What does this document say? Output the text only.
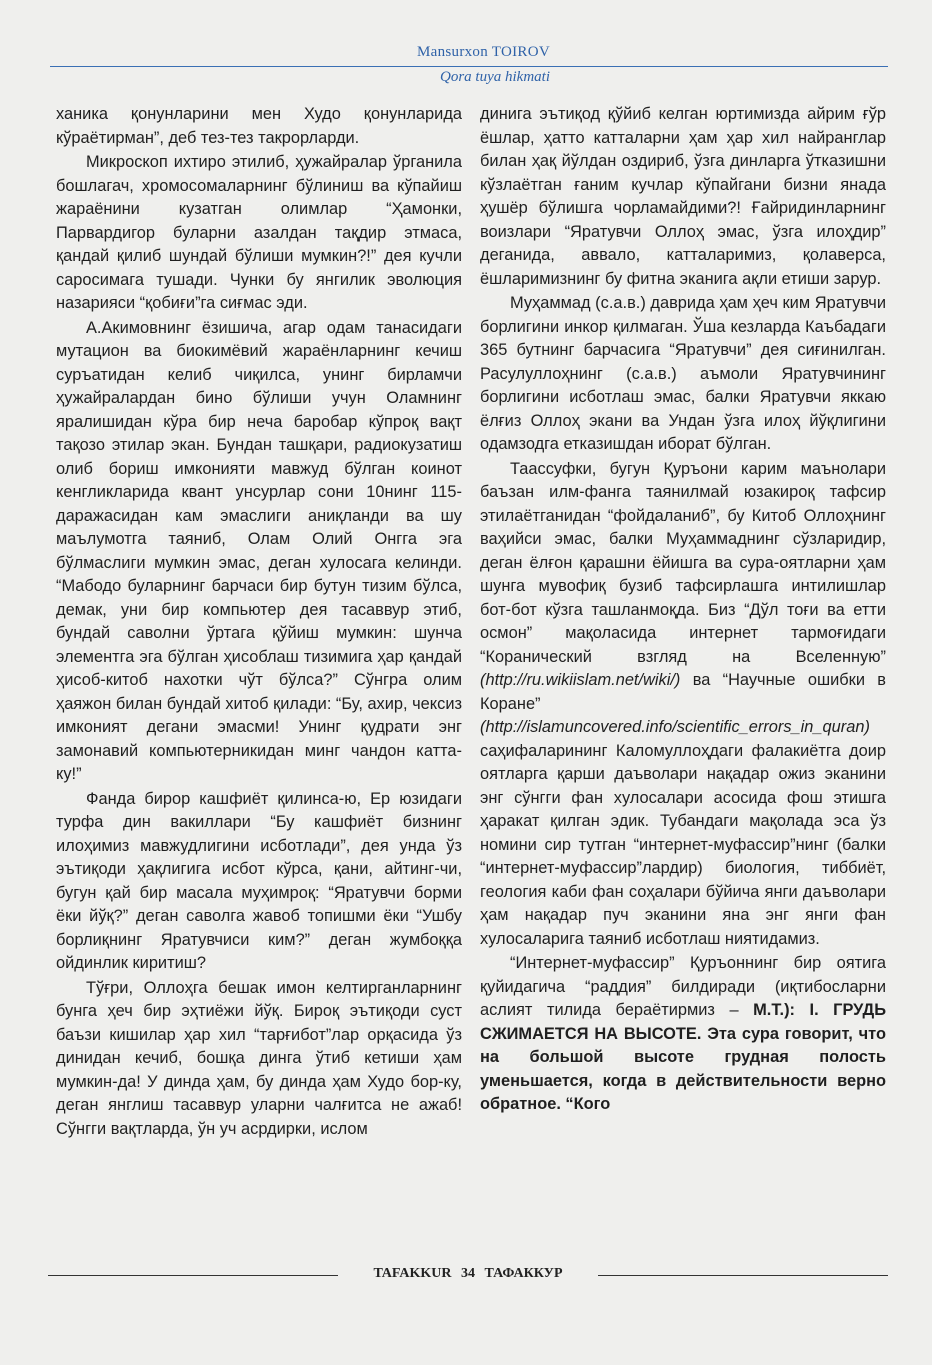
Mansurxon TOIROV
Qora tuya hikmati

ханика қонунларини мен Худо қонунларида кўраётирман”, деб тез-тез такрорларди.

Микроскоп ихтиро этилиб, ҳужайралар ўрганила бошлагач, хромосомаларнинг бўлиниш ва кўпайиш жараёнини кузатган олимлар “Ҳамонки, Парвардигор буларни азалдан тақдир этмаса, қандай қилиб шундай бўлиши мумкин?!” дея кучли саросимага тушади. Чунки бу янгилик эволюция назарияси “қобиғи”га сиғмас эди.

А.Акимовнинг ёзишича, агар одам танасидаги мутацион ва биокимёвий жараёнларнинг кечиш суръатидан келиб чиқилса, унинг бирламчи ҳужайралардан бино бўлиши учун Оламнинг яралишидан кўра бир неча баробар кўпроқ вақт тақозо этилар экан. Бундан ташқари, радиокузатиш олиб бориш имконияти мавжуд бўлган коинот кенгликларида квант унсурлар сони 10нинг 115-даражасидан кам эмаслиги аниқланди ва шу маълумотга таяниб, Олам Олий Онгга эга бўлмаслиги мумкин эмас, деган хулосага келинди. “Мабодо буларнинг барчаси бир бутун тизим бўлса, демак, уни бир компьютер дея тасаввур этиб, бундай саволни ўртага қўйиш мумкин: шунча элементга эга бўлган ҳисоблаш тизимига ҳар қандай ҳисоб-китоб нахотки чўт бўлса?” Сўнгра олим ҳаяжон билан бундай хитоб қилади: “Бу, ахир, чексиз имконият дегани эмасми! Унинг қудрати энг замонавий компьютерникидан минг чандон катта-ку!”

Фанда бирор кашфиёт қилинса-ю, Ер юзидаги турфа дин вакиллари “Бу кашфиёт бизнинг илоҳимиз мавжудлигини исботлади”, дея унда ўз эътиқоди ҳақлигига исбот кўрса, қани, айтинг-чи, бугун қай бир масала муҳимроқ: “Яратувчи борми ёки йўқ?” деган саволга жавоб топишми ёки “Ушбу борлиқнинг Яратувчиси ким?” деган жумбоққа ойдинлик киритиш?

Тўғри, Оллоҳга бешак имон келтирганларнинг бунга ҳеч бир эҳтиёжи йўқ. Бироқ эътиқоди суст баъзи кишилар ҳар хил “тарғибот”лар орқасида ўз динидан кечиб, бошқа динга ўтиб кетиши ҳам мумкин-да! У динда ҳам, бу динда ҳам Худо бор-ку, деган янглиш тасаввур уларни чалғитса не ажаб! Сўнгги вақтларда, ўн уч асрдирки, ислом

динига эътиқод қўйиб келган юртимизда айрим ғўр ёшлар, ҳатто катталарни ҳам ҳар хил найранглар билан ҳақ йўлдан оздириб, ўзга динларга ўтказишни кўзлаётган ғаним кучлар кўпайгани бизни янада ҳушёр бўлишга чорламайдими?! Ғайридинларнинг воизлари “Яратувчи Оллоҳ эмас, ўзга илоҳдир” деганида, аввало, катталаримиз, қолаверса, ёшларимизнинг бу фитна эканига ақли етиши зарур.

Муҳаммад (с.а.в.) даврида ҳам ҳеч ким Яратувчи борлигини инкор қилмаган. Ўша кезларда Каъбадаги 365 бутнинг барчасига “Яратувчи” дея сиғинилган. Расулуллоҳнинг (с.а.в.) аъмоли Яратувчининг борлигини исботлаш эмас, балки Яратувчи яккаю ёлғиз Оллоҳ экани ва Ундан ўзга илоҳ йўқлигини одамзодга етказишдан иборат бўлган.

Таассуфки, бугун Қуръони карим маънолари баъзан илм-фанга таянилмай юзакироқ тафсир этилаётганидан “фойдаланиб”, бу Китоб Оллоҳнинг ваҳийси эмас, балки Муҳаммаднинг сўзларидир, деган ёлғон қарашни ёйишга ва сура-оятларни ҳам шунга мувофиқ бузиб тафсирлашга интилишлар бот-бот кўзга ташланмоқда. Биз “Дўл тоғи ва етти осмон” мақоласида интернет тармоғидаги “Коранический взгляд на Вселенную” (http://ru.wikiislam.net/wiki/) ва “Научные ошибки в Коране” (http://islamuncovered.info/scientific_errors_in_quran) саҳифаларининг Каломуллоҳдаги фалакиётга доир оятларга қарши даъволари нақадар ожиз эканини энг сўнгги фан хулосалари асосида фош этишга ҳаракат қилган эдик. Тубандаги мақолада эса ўз номини сир тутган “интернет-муфассир”нинг (балки “интернет-муфассир”лардир) биология, тиббиёт, геология каби фан соҳалари бўйича янги даъволари ҳам нақадар пуч эканини яна энг янги фан хулосаларига таяниб исботлаш ниятидамиз.

“Интернет-муфассир” Қуръоннинг бир оятига қуйидагича “раддия” билдиради (иқтибосларни аслият тилида бераётирмиз – М.Т.): I. ГРУДЬ СЖИМАЕТСЯ НА ВЫСОТЕ. Эта сура говорит, что на большой высоте грудная полость уменьшается, когда в действительности верно обратное. “Кого

TAFAKKUR 34 ТАФАККУР
